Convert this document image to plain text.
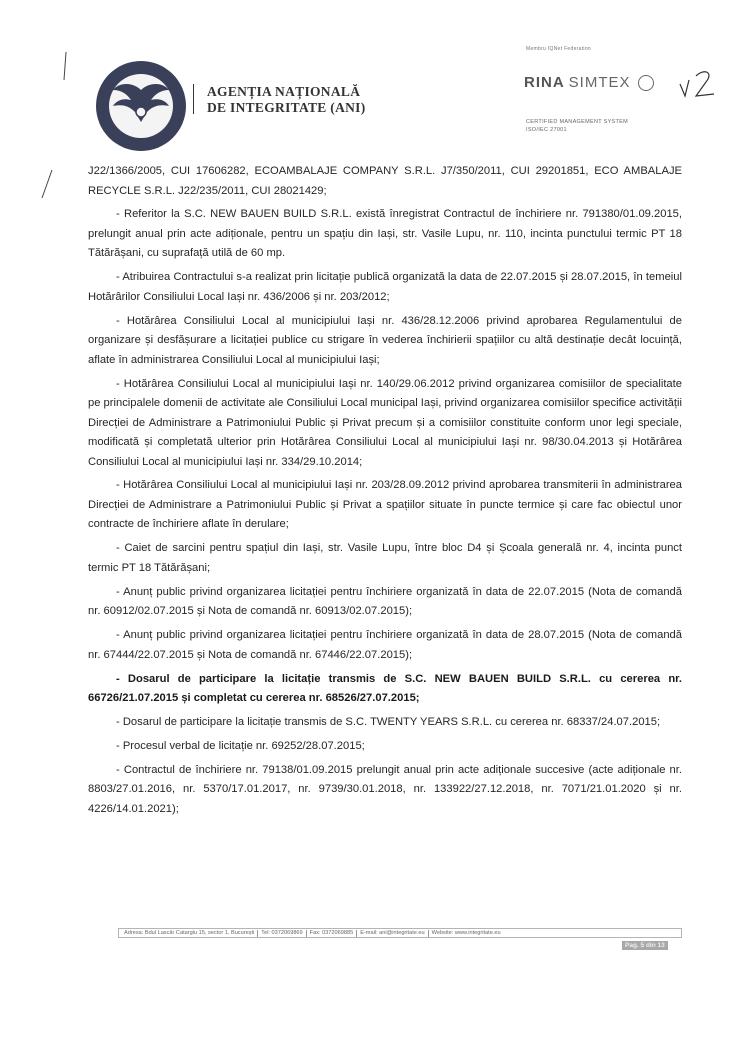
AGENȚIA NAȚIONALĂ
DE INTEGRITATE (ANI)
Membru IQNet Federation
RINA SIMTEX
CERTIFIED MANAGEMENT SYSTEM
ISO/IEC 27001

J22/1366/2005, CUI 17606282, ECOAMBALAJE COMPANY S.R.L. J7/350/2011, CUI 29201851, ECO AMBALAJE RECYCLE S.R.L. J22/235/2011, CUI 28021429;

- Referitor la S.C. NEW BAUEN BUILD S.R.L. există înregistrat Contractul de închiriere nr. 791380/01.09.2015, prelungit anual prin acte adiționale, pentru un spațiu din Iași, str. Vasile Lupu, nr. 110, incinta punctului termic PT 18 Tătărășani, cu suprafață utilă de 60 mp.

- Atribuirea Contractului s-a realizat prin licitație publică organizată la data de 22.07.2015 și 28.07.2015, în temeiul Hotărârilor Consiliului Local Iași nr. 436/2006 și nr. 203/2012;

- Hotărârea Consiliului Local al municipiului Iași nr. 436/28.12.2006 privind aprobarea Regulamentului de organizare și desfășurare a licitației publice cu strigare în vederea închirierii spațiilor cu altă destinație decât locuință, aflate în administrarea Consiliului Local al municipiului Iași;

- Hotărârea Consiliului Local al municipiului Iași nr. 140/29.06.2012 privind organizarea comisiilor de specialitate pe principalele domenii de activitate ale Consiliului Local municipal Iași, privind organizarea comisiilor specifice activității Direcției de Administrare a Patrimoniului Public și Privat precum și a comisiilor constituite conform unor legi speciale, modificată și completată ulterior prin Hotărârea Consiliului Local al municipiului Iași nr. 98/30.04.2013 și Hotărârea Consiliului Local al municipiului Iași nr. 334/29.10.2014;

- Hotărârea Consiliului Local al municipiului Iași nr. 203/28.09.2012 privind aprobarea transmiterii în administrarea Direcției de Administrare a Patrimoniului Public și Privat a spațiilor situate în puncte termice și care fac obiectul unor contracte de închiriere aflate în derulare;

- Caiet de sarcini pentru spațiul din Iași, str. Vasile Lupu, între bloc D4 și Școala generală nr. 4, incinta punct termic PT 18 Tătărășani;

- Anunț public privind organizarea licitației pentru închiriere organizată în data de 22.07.2015 (Nota de comandă nr. 60912/02.07.2015 și Nota de comandă nr. 60913/02.07.2015);

- Anunț public privind organizarea licitației pentru închiriere organizată în data de 28.07.2015 (Nota de comandă nr. 67444/22.07.2015 și Nota de comandă nr. 67446/22.07.2015);

- Dosarul de participare la licitație transmis de S.C. NEW BAUEN BUILD S.R.L. cu cererea nr. 66726/21.07.2015 și completat cu cererea nr. 68526/27.07.2015;

- Dosarul de participare la licitație transmis de S.C. TWENTY YEARS S.R.L. cu cererea nr. 68337/24.07.2015;

- Procesul verbal de licitație nr. 69252/28.07.2015;

- Contractul de închiriere nr. 79138/01.09.2015 prelungit anual prin acte adiționale succesive (acte adiționale nr. 8803/27.01.2016, nr. 5370/17.01.2017, nr. 9739/30.01.2018, nr. 133922/27.12.2018, nr. 7071/21.01.2020 și nr. 4226/14.01.2021);

Adresa: Bdul Lascăr Catargiu 15, sector 1, București	Tel: 0372069869	Fax: 0372069885	E-mail: ani@integritate.eu	Website: www.integritate.eu
Pag. 5 din 13
